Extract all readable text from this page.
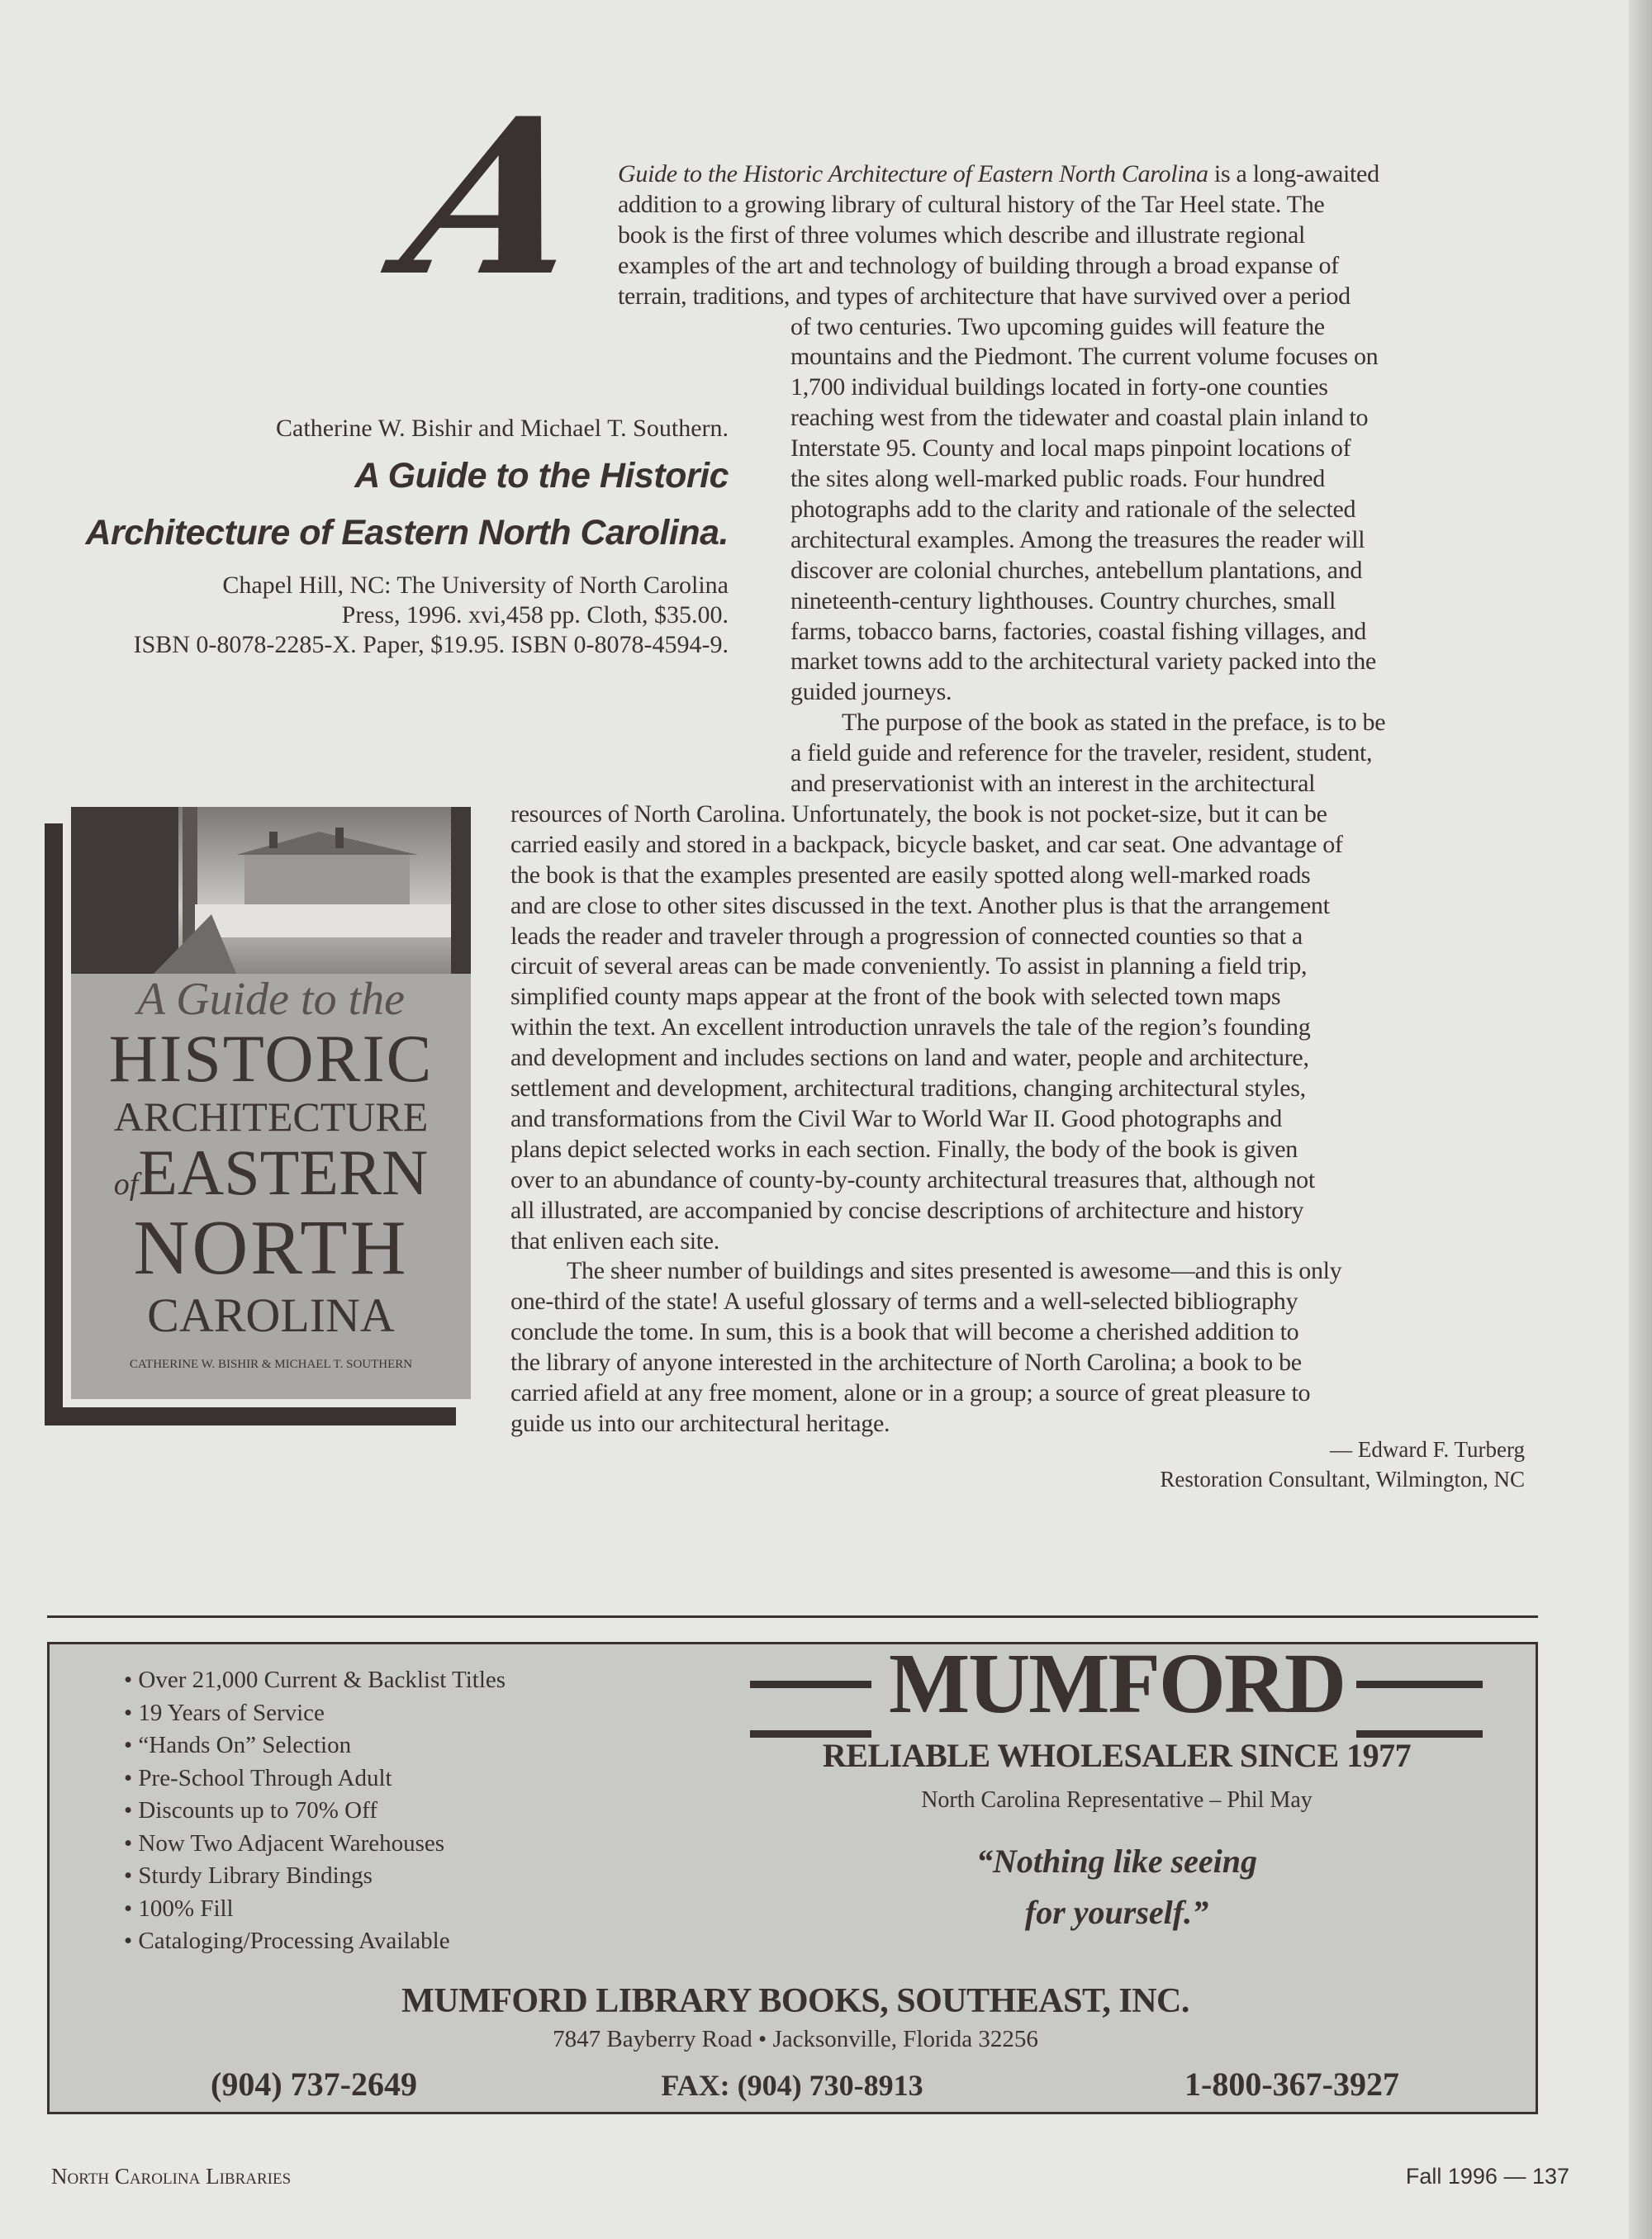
A Guide to the Historic Architecture of Eastern North Carolina is a long-awaited
addition to a growing library of cultural history of the Tar Heel state. The
book is the first of three volumes which describe and illustrate regional
examples of the art and technology of building through a broad expanse of
terrain, traditions, and types of architecture that have survived over a period
of two centuries. Two upcoming guides will feature the
mountains and the Piedmont. The current volume focuses on
1,700 individual buildings located in forty-one counties
reaching west from the tidewater and coastal plain inland to
Interstate 95. County and local maps pinpoint locations of
the sites along well-marked public roads. Four hundred
photographs add to the clarity and rationale of the selected
architectural examples. Among the treasures the reader will
discover are colonial churches, antebellum plantations, and
nineteenth-century lighthouses. Country churches, small
farms, tobacco barns, factories, coastal fishing villages, and
market towns add to the architectural variety packed into the
guided journeys.
The purpose of the book as stated in the preface, is to be
a field guide and reference for the traveler, resident, student,
and preservationist with an interest in the architectural
resources of North Carolina. Unfortunately, the book is not pocket-size, but it can be
carried easily and stored in a backpack, bicycle basket, and car seat. One advantage of
the book is that the examples presented are easily spotted along well-marked roads
and are close to other sites discussed in the text. Another plus is that the arrangement
leads the reader and traveler through a progression of connected counties so that a
circuit of several areas can be made conveniently. To assist in planning a field trip,
simplified county maps appear at the front of the book with selected town maps
within the text. An excellent introduction unravels the tale of the region’s founding
and development and includes sections on land and water, people and architecture,
settlement and development, architectural traditions, changing architectural styles,
and transformations from the Civil War to World War II. Good photographs and
plans depict selected works in each section. Finally, the body of the book is given
over to an abundance of county-by-county architectural treasures that, although not
all illustrated, are accompanied by concise descriptions of architecture and history
that enliven each site.
The sheer number of buildings and sites presented is awesome—and this is only
one-third of the state! A useful glossary of terms and a well-selected bibliography
conclude the tome. In sum, this is a book that will become a cherished addition to
the library of anyone interested in the architecture of North Carolina; a book to be
carried afield at any free moment, alone or in a group; a source of great pleasure to
guide us into our architectural heritage.
Catherine W. Bishir and Michael T. Southern.
A Guide to the Historic
Architecture of Eastern North Carolina.
Chapel Hill, NC: The University of North Carolina
Press, 1996. xvi,458 pp. Cloth, $35.00.
ISBN 0-8078-2285-X. Paper, $19.95. ISBN 0-8078-4594-9.
A Guide to the
HISTORIC
ARCHITECTURE
ofEASTERN
NORTH
CAROLINA
CATHERINE W. BISHIR & MICHAEL T. SOUTHERN
— Edward F. Turberg
Restoration Consultant, Wilmington, NC
• Over 21,000 Current & Backlist Titles
• 19 Years of Service
• “Hands On” Selection
• Pre-School Through Adult
• Discounts up to 70% Off
• Now Two Adjacent Warehouses
• Sturdy Library Bindings
• 100% Fill
• Cataloging/Processing Available
MUMFORD
RELIABLE WHOLESALER SINCE 1977
North Carolina Representative – Phil May
“Nothing like seeing
for yourself.”
MUMFORD LIBRARY BOOKS, SOUTHEAST, INC.
7847 Bayberry Road • Jacksonville, Florida 32256
(904) 737-2649	FAX: (904) 730-8913	1-800-367-3927
North Carolina Libraries	Fall 1996 — 137
